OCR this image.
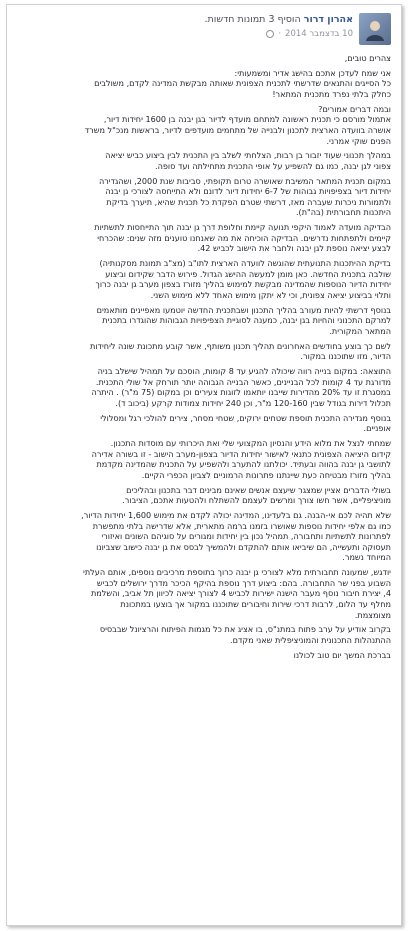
אהרון דרור הוסיף 3 תמונות חדשות.
10 בדצמבר 2014
·
צהרים טובים,
אני שמח לעדכן אתכם בהישג אדיר ומשמעותי:
כל הסייגים והתנאים שדרשתי לתכנית הצפונית שאותה מבקשת המדינה לקדם, משולבים
כחלק בלתי נפרד מתכנית המתאר!
ובמה דברים אמורים?
אתמול מורסם כי תכנית ראשונה למתחם מועדף לדיור בגן יבנה בן 1600 יחידות דיור,
אושרה בוועדה הארצית לתכנון ולבנייה של מתחמים מועדפים לדיור, בראשות מנכ"ל משרד
הפנים שוקי אמרני.
במהלך תכנוני שעוד יזבור בן רבות, הצלחתי לשלב בין התכנית לבין ביצוע כביש יציאה
צפוני לגן יבנה, כמו גם להשפיע על אופי התכנית מתחילתה ועד סופה.
במקום תכנית המתאר המשיבת שאושרה טרום תקופתי, סביבות שנת 2000, ושהגדירה
יחידות דיור בצפיפויות גבוהות של 6-7 יחידות דיור לדונם ולא התייחסה לצורכי גן יבנה
ולתמורות ניכרות שעברה מאז, דרשתי שטרם הפקדת כל תכנית שהיא, תיערך בדיקת
היתכנות תחבורתית (בה"ת).
הבדיקה מועדה לאמוד היקפי תנועה קיימת וחלופת דרך גן יבנה תוך התייחסות לתשתיות
קיימים ולתפתחות נדרשים. הבדיקה הוכיחה את מה שאנחנו טוענים מזה שנים: שהכרחי
לבצע יציאה נוספת לגן יבנה ולחבר את הישוב לכביש 42.
בדיקת ההיתכנות התנועתית שהוגשה לוועדה הארצית לתו"ב (מצ"ב תמונת מסקנותיה)
שולבה בתכנית החדשה. כאן מומן למעשה ההישג הגדול. פירוש הדבר שקידום וביצוע
יחידות הדיור הנוספות שהמדינה מבקשת למימוש בהליך מזורז בצפון מערב גן יבנה כרוך
ותלוי בביצוע יציאה צפונית, וכי לא יתקן מימוש האחד ללא מימוש השני.
בנוסף דרשתי להיות מעורב בהליך התכנון ושבתכנית החדשה יוטמעו מאפיינים מותאמים
למרקם התכנוני והחיות בגן יבנה, כמענה לסוגיית הצפיפויות הגבוהות שהוגדרו בתכנית
המתאר המקורית.
לשם כך בוצע בחודשים האחרונים תהליך תכנון משותף, אשר קובע מתכונת שונה ליחידות
הדיור, מזו שתוכננו במקור.
התוצאה: במקום בנייה רווה שיכולה להגיע עד 8 קומות, הוסכם על תמהיל שישלב בניה
מדורגת עד 4 קומות לכל הבניינים, כאשר הבנייה הגבוהה יותר תורחק אל שולי התכנית.
במסגרת זו עד 20% מהדירות שייבנו יותאמו לזוגות צעירים וכן במקום (75 מ"ר) . היתרה
תכלול דירות בגודל שבין 120-160 מ"ר, וכן 240 יחידות צמודות קרקע (ביכוב ד).
בנוסף מגדירה התכנית תוספת שטחים ירוקים, שטחי מסחר, צירים להולכי רגל ומסלולי
אופניים.
שמחתי לנצל את מלוא הידע והנסיון המקצועי שלי ואת היכרותי עם מוסדות התכנון.
קידום היציאה הצפונית כתנאי לאישור יחידות הדיור בצפון-מערב הישוב - זו בשורה אדירה
לתושבי גן יבנה בהווה ובעתיד. יכולתנו להתערב ולהשפיע על התכנית שהמדינה מקדמת
בהליך מזורז מבטיחה כעת שיינתנו פתרונות הרמוניים לצביון הכפרי הקיים.
בשולי הדברים אציין שמצגר שיעצם אנשים שאינם מבינים דבר בתכנון ובהליכים
מוניציפליים, אשר חשו צורך ומרשים לעצמם להשתלח ולהטעות אתכם, הציבור.
שלא תהיה לכם אי-הבנה. גם בלעדינו, המדינה יכולה לקדם את מימוש 1,600 יחידות הדיור,
כמו גם אלפי יחידות נוספות שאושרו בזמנו ברמה מתארית, אלא שדרישה בלתי מתפשרת
לפתרונות לתשתיות ותחבורה, תמהיל נכון בין יחידות ומגורים על סוגיהם השונים ואיזורי
תעסוקה ותעשייה, הם שיביאו אותם להתקדם ולהמשיך לבסס את גן יבנה כישוב שצביונו
המיוחד נשמר.
יודגש, שמעונה תחבורתית מלא לצורכי גן יבנה כרוך בתוספת מרכיבים נוספים, אותם העלתי
השבוע בפני שר התחבורה. בהם: ביצוע דרך נוספת בהיקף הכיכר מדרך ירושלים לכביש
4, יצירת חיבור נוסף מעבר הישנה ישירות לכביש 4 לצורך יציאה לכיוון תל אביב, והשלמת
מחלף עד הלום, לרבות דרכי שירות וחיבורים שתוכננו במקור אך בוצעו במתכונת
מצומצמת.
בקרוב אודיע על ערב פתוח במתנ"ס, בו אציג את כל מגמות הפיתוח והרציונל שבבסיס
ההתנהלות התכנונית והמוניציפלית שאני מקדם.
בברכת המשך יום טוב לכולנו
